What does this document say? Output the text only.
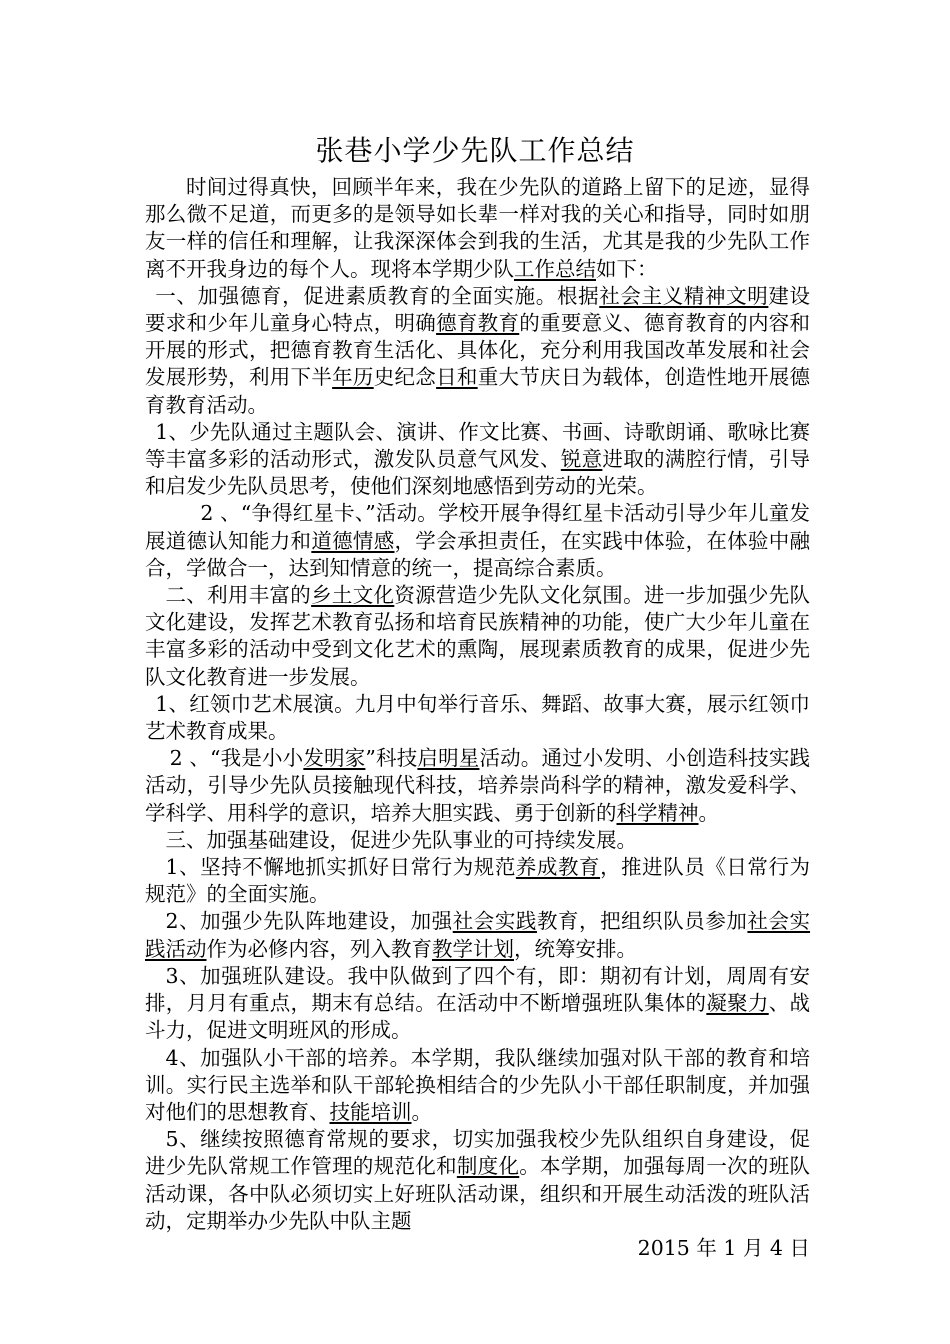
张巷小学少先队工作总结

时间过得真快，回顾半年来，我在少先队的道路上留下的足迹，显得那么微不足道，而更多的是领导如长辈一样对我的关心和指导，同时如朋友一样的信任和理解，让我深深体会到我的生活，尤其是我的少先队工作离不开我身边的每个人。现将本学期少队工作总结如下：

一、加强德育，促进素质教育的全面实施。根据社会主义精神文明建设要求和少年儿童身心特点，明确德育教育的重要意义、德育教育的内容和开展的形式，把德育教育生活化、具体化，充分利用我国改革发展和社会发展形势，利用下半年历史纪念日和重大节庆日为载体，创造性地开展德育教育活动。

1、少先队通过主题队会、演讲、作文比赛、书画、诗歌朗诵、歌咏比赛等丰富多彩的活动形式，激发队员意气风发、锐意进取的满腔行情，引导和启发少先队员思考，使他们深刻地感悟到劳动的光荣。

2 、“争得红星卡、”活动。学校开展争得红星卡活动引导少年儿童发展道德认知能力和道德情感，学会承担责任，在实践中体验，在体验中融合，学做合一，达到知情意的统一，提高综合素质。

二、利用丰富的乡土文化资源营造少先队文化氛围。进一步加强少先队文化建设，发挥艺术教育弘扬和培育民族精神的功能，使广大少年儿童在丰富多彩的活动中受到文化艺术的熏陶，展现素质教育的成果，促进少先队文化教育进一步发展。

1、红领巾艺术展演。九月中旬举行音乐、舞蹈、故事大赛，展示红领巾艺术教育成果。

2 、“我是小小发明家”科技启明星活动。通过小发明、小创造科技实践活动，引导少先队员接触现代科技，培养崇尚科学的精神，激发爱科学、学科学、用科学的意识，培养大胆实践、勇于创新的科学精神。

三、加强基础建设，促进少先队事业的可持续发展。

1、坚持不懈地抓实抓好日常行为规范养成教育，推进队员《日常行为规范》的全面实施。

2、加强少先队阵地建设，加强社会实践教育，把组织队员参加社会实践活动作为必修内容，列入教育教学计划，统筹安排。

3、加强班队建设。我中队做到了四个有，即：期初有计划，周周有安排，月月有重点，期末有总结。在活动中不断增强班队集体的凝聚力、战斗力，促进文明班风的形成。

4、加强队小干部的培养。本学期，我队继续加强对队干部的教育和培训。实行民主选举和队干部轮换相结合的少先队小干部任职制度，并加强对他们的思想教育、技能培训。

5、继续按照德育常规的要求，切实加强我校少先队组织自身建设，促进少先队常规工作管理的规范化和制度化。本学期，加强每周一次的班队活动课，各中队必须切实上好班队活动课，组织和开展生动活泼的班队活动，定期举办少先队中队主题

2015 年 1 月 4 日
